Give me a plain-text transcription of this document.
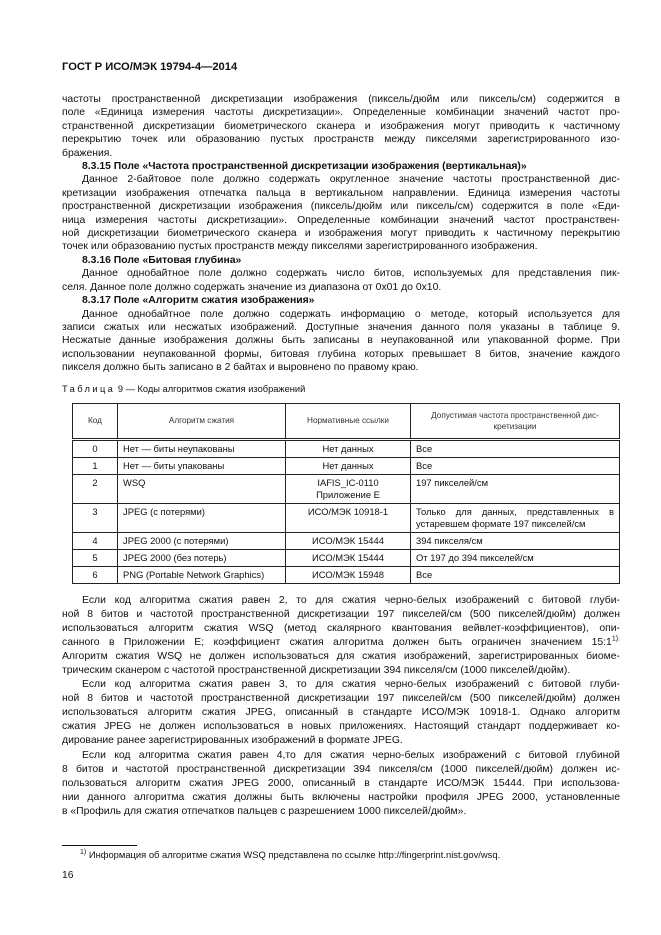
ГОСТ Р ИСО/МЭК 19794-4—2014
частоты пространственной дискретизации изображения (пиксель/дюйм или пиксель/см) содержится в
поле «Единица измерения частоты дискретизации». Определенные комбинации значений частот про-
странственной дискретизации биометрического сканера и изображения могут приводить к частичному
перекрытию точек или образованию пустых пространств между пикселями зарегистрированного изо-
бражения.
8.3.15 Поле «Частота пространственной дискретизации изображения (вертикальная)»
Данное 2-байтовое поле должно содержать округленное значение частоты пространственной дис-
кретизации изображения отпечатка пальца в вертикальном направлении. Единица измерения частоты
пространственной дискретизации изображения (пиксель/дюйм или пиксель/см) содержится в поле «Еди-
ница измерения частоты дискретизации». Определенные комбинации значений частот пространствен-
ной дискретизации биометрического сканера и изображения могут приводить к частичному перекрытию
точек или образованию пустых пространств между пикселями зарегистрированного изображения.
8.3.16 Поле «Битовая глубина»
Данное однобайтное поле должно содержать число битов, используемых для представления пик-
селя. Данное поле должно содержать значение из диапазона от 0x01 до 0x10.
8.3.17 Поле «Алгоритм сжатия изображения»
Данное однобайтное поле должно содержать информацию о методе, который используется для
записи сжатых или несжатых изображений. Доступные значения данного поля указаны в таблице 9.
Несжатые данные изображения должны быть записаны в неупакованной или упакованной форме. При
использовании неупакованной формы, битовая глубина которых превышает 8 битов, значение каждого
пикселя должно быть записано в 2 байтах и выровнено по правому краю.
Таблица 9 — Коды алгоритмов сжатия изображений
Код	Алгоритм сжатия	Нормативные ссылки	Допустимая частота пространственной дис-кретизации
0	Нет — биты неупакованы	Нет данных	Все
1	Нет — биты упакованы	Нет данных	Все
2	WSQ	IAFIS_IC-0110 Приложение Е	197 пикселей/см
3	JPEG (с потерями)	ИСО/МЭК 10918-1	Только для данных, представленных в устаревшем формате 197 пикселей/см
4	JPEG 2000 (с потерями)	ИСО/МЭК 15444	394 пикселя/см
5	JPEG 2000 (без потерь)	ИСО/МЭК 15444	От 197 до 394 пикселей/см
6	PNG (Portable Network Graphics)	ИСО/МЭК 15948	Все
Если код алгоритма сжатия равен 2, то для сжатия черно-белых изображений с битовой глуби-
ной 8 битов и частотой пространственной дискретизации 197 пикселей/см (500 пикселей/дюйм) должен
использоваться алгоритм сжатия WSQ (метод скалярного квантования вейвлет-коэффициентов), опи-
санного в Приложении Е; коэффициент сжатия алгоритма должен быть ограничен значением $15:1^{1).}$
Алгоритм сжатия WSQ не должен использоваться для сжатия изображений, зарегистрированных биоме-
трическим сканером с частотой пространственной дискретизации 394 пикселя/см (1000 пикселей/дюйм).
Если код алгоритма сжатия равен 3, то для сжатия черно-белых изображений с битовой глуби-
ной 8 битов и частотой пространственной дискретизации 197 пикселей/см (500 пикселей/дюйм) должен
использоваться алгоритм сжатия JPEG, описанный в стандарте ИСО/МЭК 10918-1. Однако алгоритм
сжатия JPEG не должен использоваться в новых приложениях. Настоящий стандарт поддерживает ко-
дирование ранее зарегистрированных изображений в формате JPEG.
Если код алгоритма сжатия равен 4,то для сжатия черно-белых изображений с битовой глубиной
8 битов и частотой пространственной дискретизации 394 пикселя/см (1000 пикселей/дюйм) должен ис-
пользоваться алгоритм сжатия JPEG 2000, описанный в стандарте ИСО/МЭК 15444. При использова-
нии данного алгоритма сжатия должны быть включены настройки профиля JPEG 2000, установленные
в «Профиль для сжатия отпечатков пальцев с разрешением 1000 пикселей/дюйм».
$^{1)}$ Информация об алгоритме сжатия WSQ представлена по ссылке http://fingerprint.nist.gov/wsq.
16
